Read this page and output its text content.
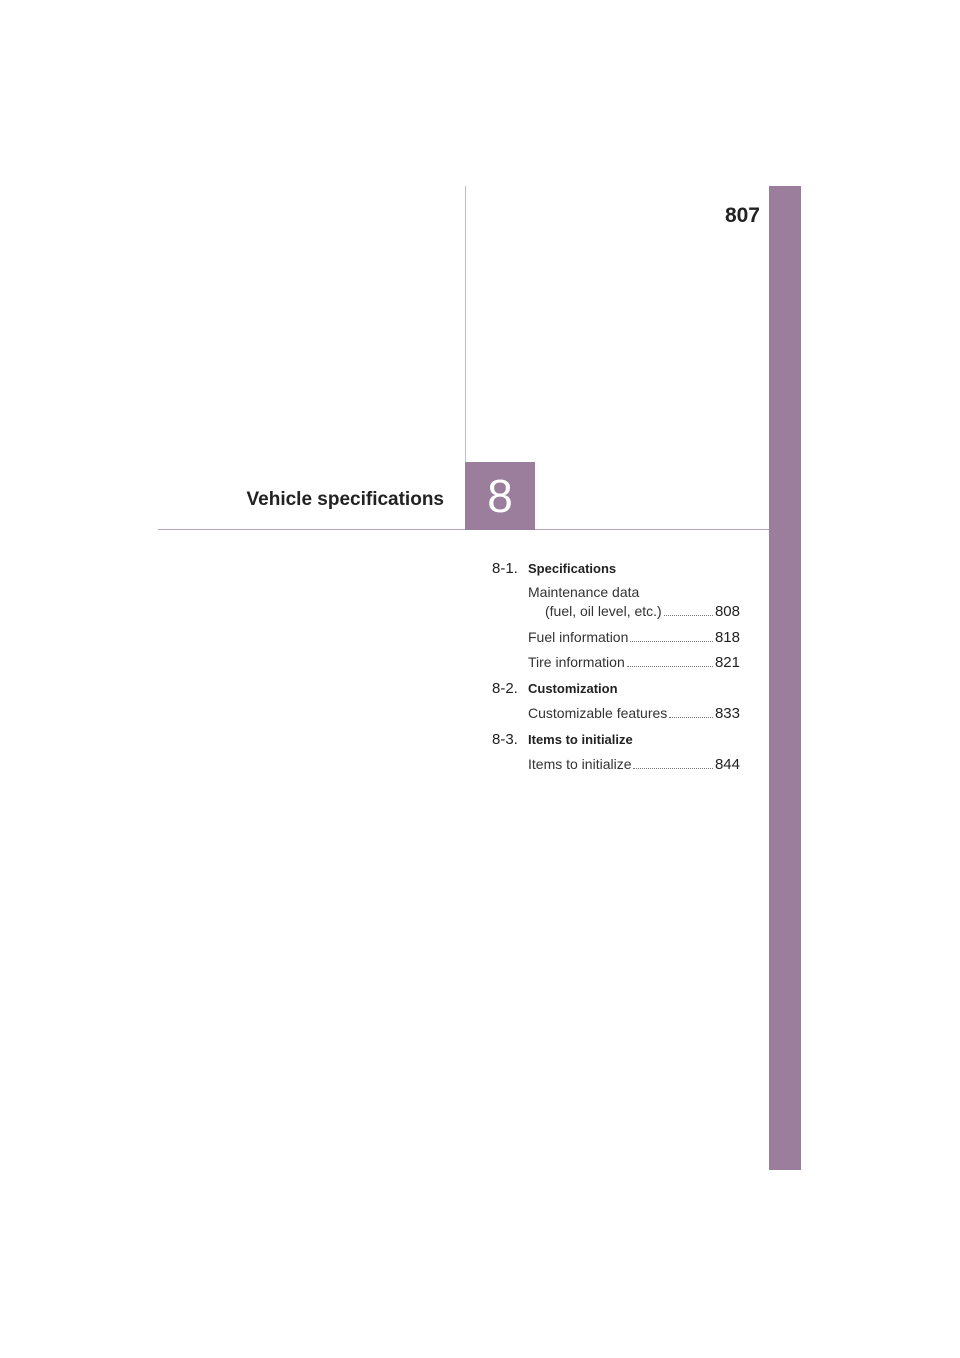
807
Vehicle specifications 8
8-1. Specifications
Maintenance data
(fuel, oil level, etc.)	808
Fuel information	818
Tire information	821
8-2. Customization
Customizable features	833
8-3. Items to initialize
Items to initialize	844
